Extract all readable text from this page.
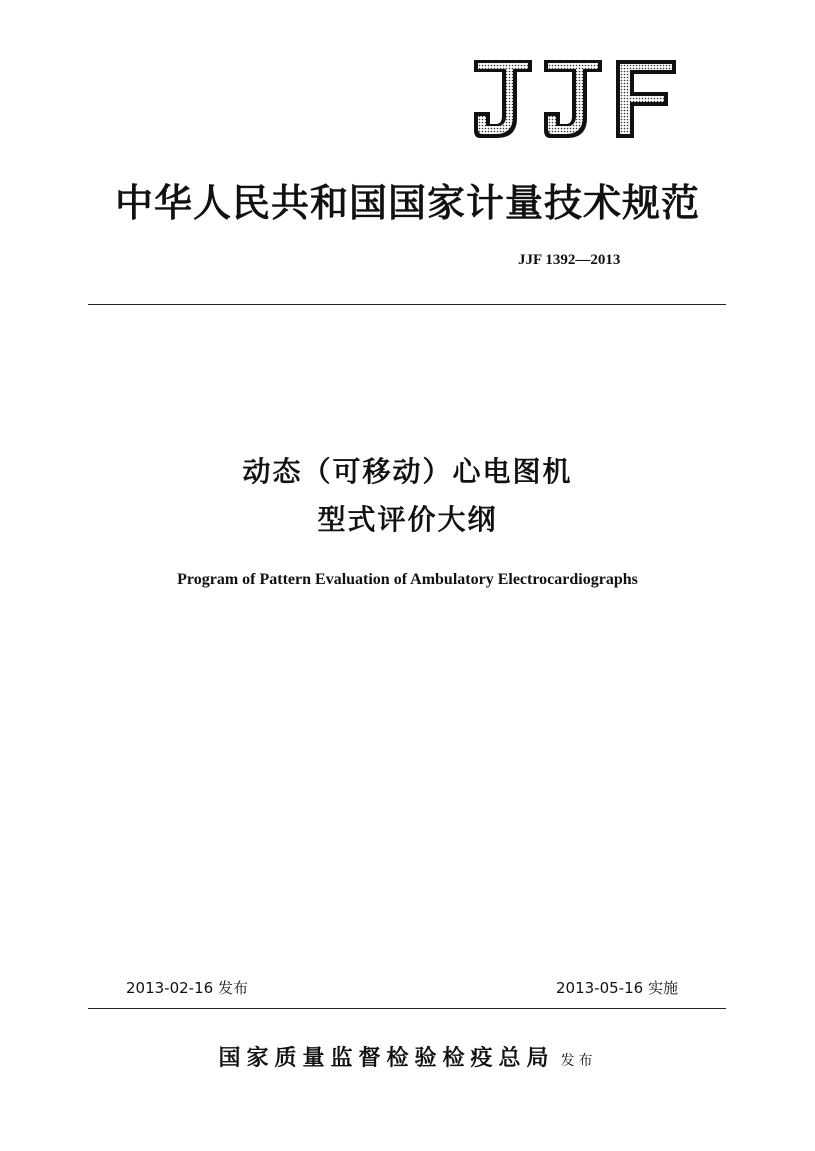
中华人民共和国国家计量技术规范
JJF 1392—2013
动态（可移动）心电图机
型式评价大纲
Program of Pattern Evaluation of Ambulatory Electrocardiographs
2013-02-16 发布	2013-05-16 实施
国家质量监督检验检疫总局 发布
